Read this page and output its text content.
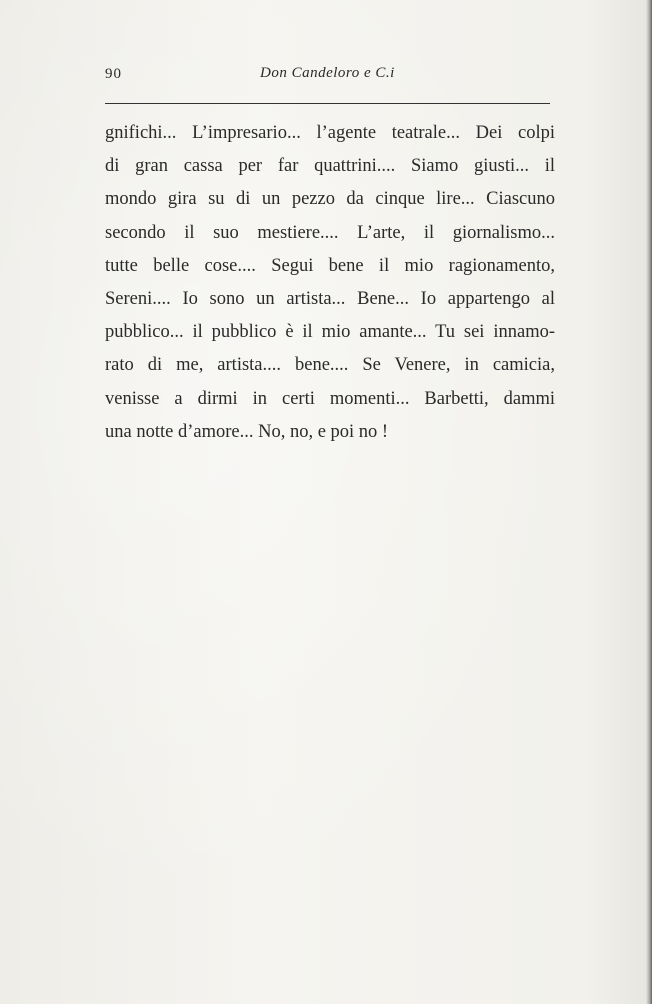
90	Don Candeloro e C.i
gnifichi... L’impresario... l’agente teatrale... Dei colpi
di gran cassa per far quattrini.... Siamo giusti... il
mondo gira su di un pezzo da cinque lire... Ciascuno
secondo il suo mestiere.... L’arte, il giornalismo...
tutte belle cose.... Segui bene il mio ragionamento,
Sereni.... Io sono un artista... Bene... Io appartengo al
pubblico... il pubblico è il mio amante... Tu sei innamo-
rato di me, artista.... bene.... Se Venere, in camicia,
venisse a dirmi in certi momenti... Barbetti, dammi
una notte d’amore... No, no, e poi no !
